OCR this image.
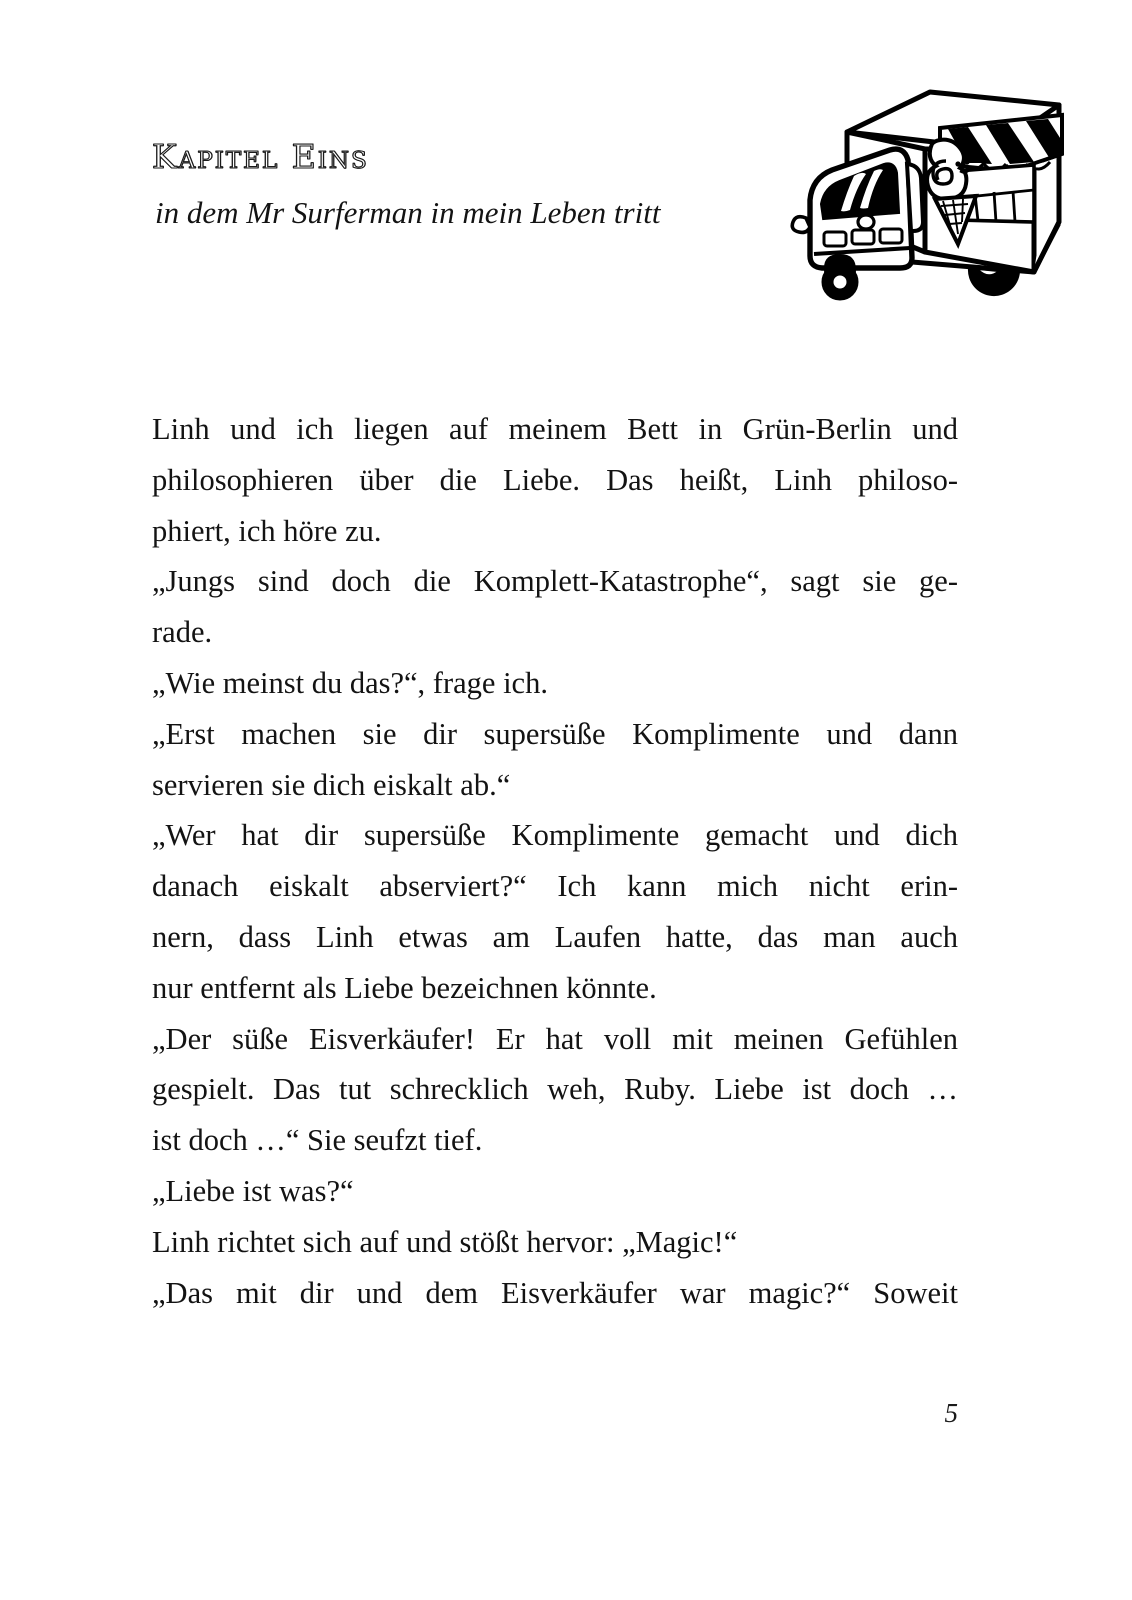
Kapitel Eins
in dem Mr Surferman in mein Leben tritt

Linh und ich liegen auf meinem Bett in Grün-Berlin und
philosophieren über die Liebe. Das heißt, Linh philoso-
phiert, ich höre zu.

„Jungs sind doch die Komplett-Katastrophe“, sagt sie ge-
rade.

„Wie meinst du das?“, frage ich.

„Erst machen sie dir supersüße Komplimente und dann
servieren sie dich eiskalt ab.“

„Wer hat dir supersüße Komplimente gemacht und dich
danach eiskalt abserviert?“ Ich kann mich nicht erin-
nern, dass Linh etwas am Laufen hatte, das man auch
nur entfernt als Liebe bezeichnen könnte.

„Der süße Eisverkäufer! Er hat voll mit meinen Gefühlen
gespielt. Das tut schrecklich weh, Ruby. Liebe ist doch …
ist doch …“ Sie seufzt tief.

„Liebe ist was?“

Linh richtet sich auf und stößt hervor: „Magic!“

„Das mit dir und dem Eisverkäufer war magic?“ Soweit

5
